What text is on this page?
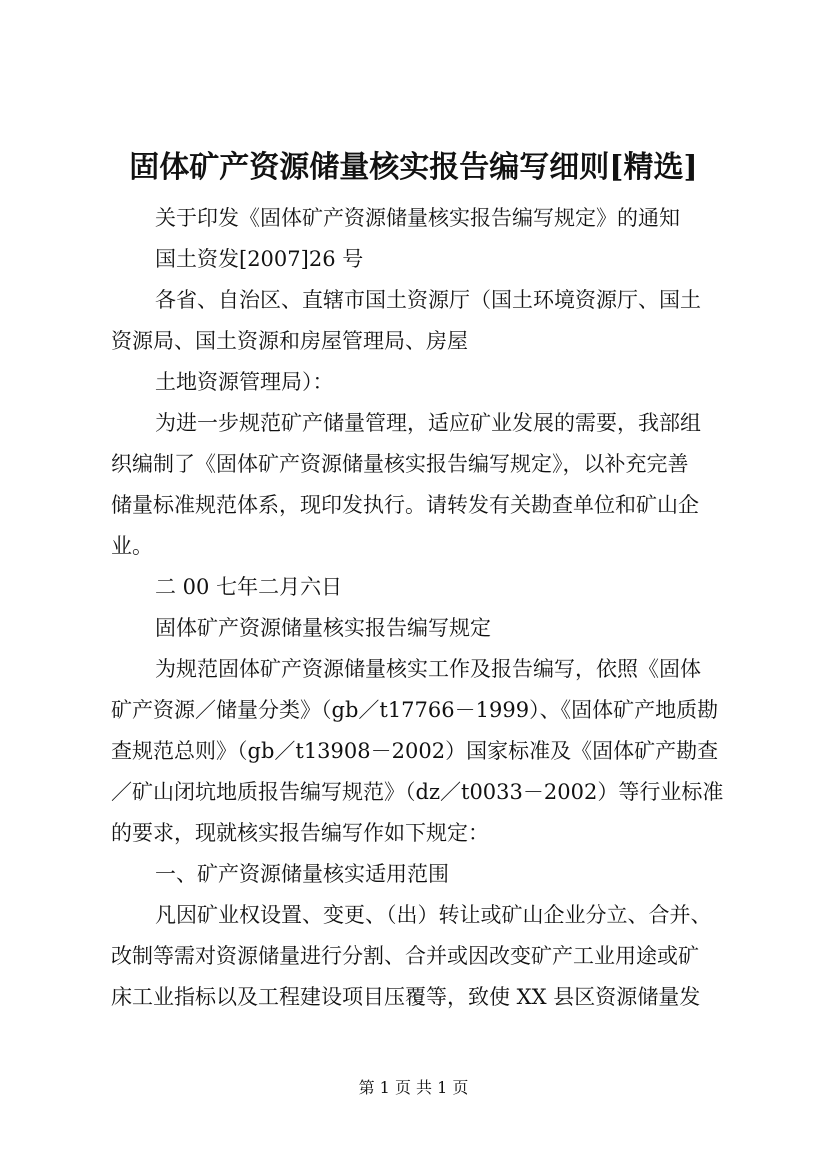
固体矿产资源储量核实报告编写细则[精选]
关于印发《固体矿产资源储量核实报告编写规定》的通知
国土资发[2007]26 号
各省、自治区、直辖市国土资源厅（国土环境资源厅、国土
资源局、国土资源和房屋管理局、房屋
土地资源管理局）：
为进一步规范矿产储量管理，适应矿业发展的需要，我部组
织编制了《固体矿产资源储量核实报告编写规定》，以补充完善
储量标准规范体系，现印发执行。请转发有关勘查单位和矿山企
业。
二 00 七年二月六日
固体矿产资源储量核实报告编写规定
为规范固体矿产资源储量核实工作及报告编写，依照《固体
矿产资源／储量分类》（gb／t17766－1999）、《固体矿产地质勘
查规范总则》（gb／t13908－2002）国家标准及《固体矿产勘查
／矿山闭坑地质报告编写规范》（dz／t0033－2002）等行业标准
的要求，现就核实报告编写作如下规定：
一、矿产资源储量核实适用范围
凡因矿业权设置、变更、（出）转让或矿山企业分立、合并、
改制等需对资源储量进行分割、合并或因改变矿产工业用途或矿
床工业指标以及工程建设项目压覆等，致使 XX 县区资源储量发
第 1 页 共 1 页
